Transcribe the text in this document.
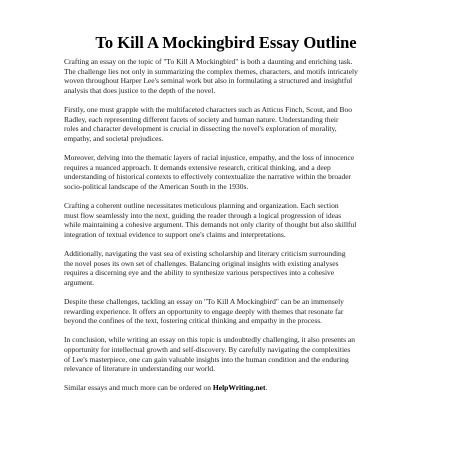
To Kill A Mockingbird Essay Outline
Crafting an essay on the topic of "To Kill A Mockingbird" is both a daunting and enriching task.
The challenge lies not only in summarizing the complex themes, characters, and motifs intricately
woven throughout Harper Lee's seminal work but also in formulating a structured and insightful
analysis that does justice to the depth of the novel.
Firstly, one must grapple with the multifaceted characters such as Atticus Finch, Scout, and Boo
Radley, each representing different facets of society and human nature. Understanding their
roles and character development is crucial in dissecting the novel's exploration of morality,
empathy, and societal prejudices.
Moreover, delving into the thematic layers of racial injustice, empathy, and the loss of innocence
requires a nuanced approach. It demands extensive research, critical thinking, and a deep
understanding of historical contexts to effectively contextualize the narrative within the broader
socio-political landscape of the American South in the 1930s.
Crafting a coherent outline necessitates meticulous planning and organization. Each section
must flow seamlessly into the next, guiding the reader through a logical progression of ideas
while maintaining a cohesive argument. This demands not only clarity of thought but also skillful
integration of textual evidence to support one's claims and interpretations.
Additionally, navigating the vast sea of existing scholarship and literary criticism surrounding
the novel poses its own set of challenges. Balancing original insights with existing analyses
requires a discerning eye and the ability to synthesize various perspectives into a cohesive
argument.
Despite these challenges, tackling an essay on "To Kill A Mockingbird" can be an immensely
rewarding experience. It offers an opportunity to engage deeply with themes that resonate far
beyond the confines of the text, fostering critical thinking and empathy in the process.
In conclusion, while writing an essay on this topic is undoubtedly challenging, it also presents an
opportunity for intellectual growth and self-discovery. By carefully navigating the complexities
of Lee's masterpiece, one can gain valuable insights into the human condition and the enduring
relevance of literature in understanding our world.
Similar essays and much more can be ordered on HelpWriting.net.
